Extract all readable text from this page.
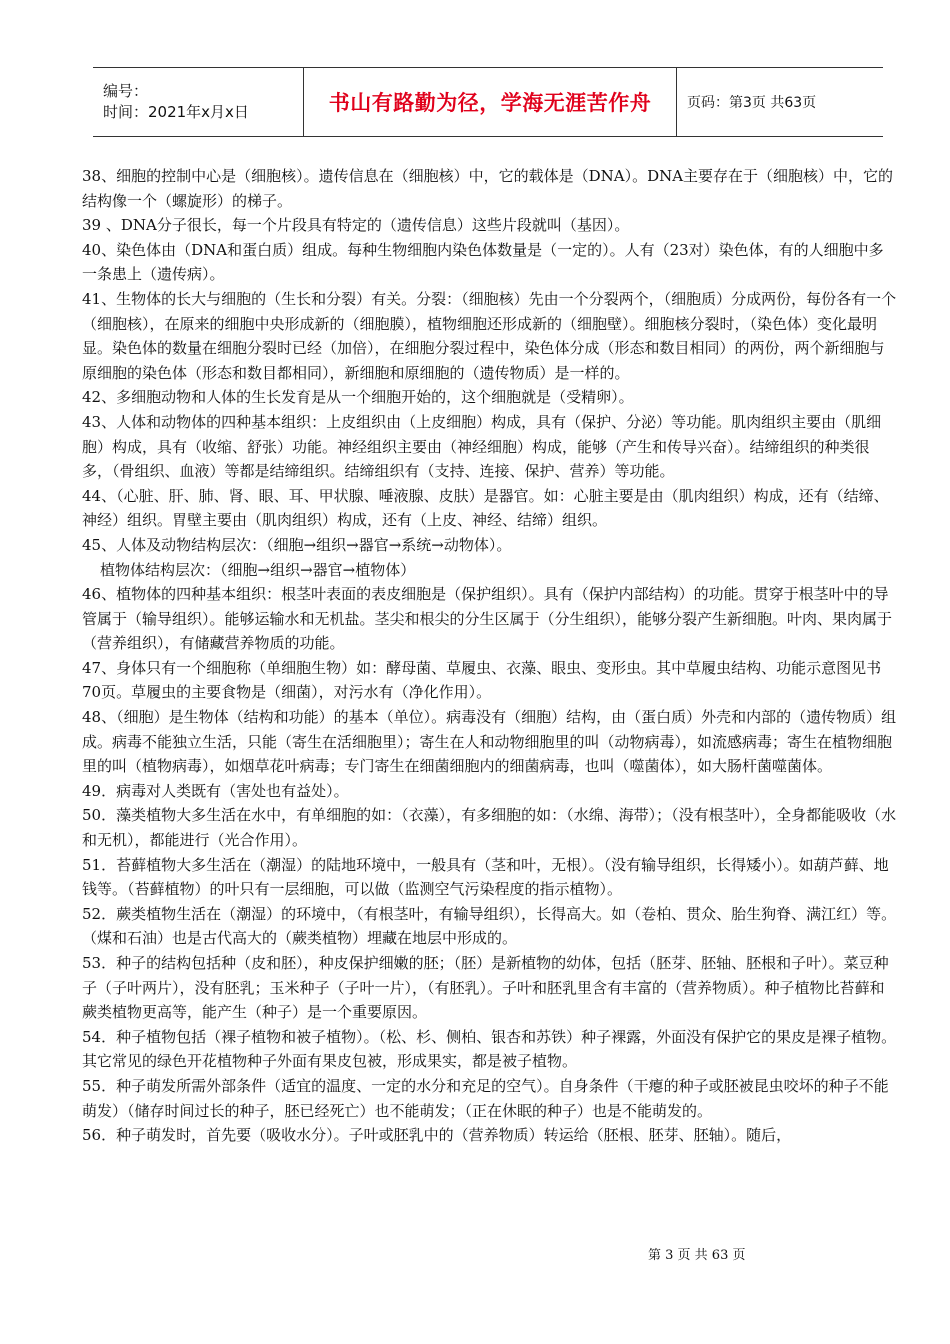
编号：
时间：2021年x月x日	书山有路勤为径，学海无涯苦作舟	页码：第3页 共63页

38、细胞的控制中心是（细胞核）。遗传信息在（细胞核）中，它的载体是（DNA）。DNA主要存在于（细胞核）中，它的结构像一个（螺旋形）的梯子。

39 、DNA分子很长，每一个片段具有特定的（遗传信息）这些片段就叫（基因）。

40、染色体由（DNA和蛋白质）组成。每种生物细胞内染色体数量是（一定的）。人有（23对）染色体，有的人细胞中多一条患上（遗传病）。

41、生物体的长大与细胞的（生长和分裂）有关。分裂：（细胞核）先由一个分裂两个，（细胞质）分成两份，每份各有一个（细胞核），在原来的细胞中央形成新的（细胞膜），植物细胞还形成新的（细胞壁）。细胞核分裂时，（染色体）变化最明显。染色体的数量在细胞分裂时已经（加倍），在细胞分裂过程中，染色体分成（形态和数目相同）的两份，两个新细胞与原细胞的染色体（形态和数目都相同），新细胞和原细胞的（遗传物质）是一样的。

42、多细胞动物和人体的生长发育是从一个细胞开始的，这个细胞就是（受精卵）。

43、人体和动物体的四种基本组织：上皮组织由（上皮细胞）构成，具有（保护、分泌）等功能。肌肉组织主要由（肌细胞）构成，具有（收缩、舒张）功能。神经组织主要由（神经细胞）构成，能够（产生和传导兴奋）。结缔组织的种类很多，（骨组织、血液）等都是结缔组织。结缔组织有（支持、连接、保护、营养）等功能。

44、（心脏、肝、肺、肾、眼、耳、甲状腺、唾液腺、皮肤）是器官。如：心脏主要是由（肌肉组织）构成，还有（结缔、神经）组织。胃壁主要由（肌肉组织）构成，还有（上皮、神经、结缔）组织。

45、人体及动物结构层次：（细胞→组织→器官→系统→动物体）。

植物体结构层次：（细胞→组织→器官→植物体）

46、植物体的四种基本组织：根茎叶表面的表皮细胞是（保护组织）。具有（保护内部结构）的功能。贯穿于根茎叶中的导管属于（输导组织）。能够运输水和无机盐。茎尖和根尖的分生区属于（分生组织），能够分裂产生新细胞。叶肉、果肉属于（营养组织），有储藏营养物质的功能。

47、身体只有一个细胞称（单细胞生物）如：酵母菌、草履虫、衣藻、眼虫、变形虫。其中草履虫结构、功能示意图见书70页。草履虫的主要食物是（细菌），对污水有（净化作用）。

48、（细胞）是生物体（结构和功能）的基本（单位）。病毒没有（细胞）结构，由（蛋白质）外壳和内部的（遗传物质）组成。病毒不能独立生活，只能（寄生在活细胞里）；寄生在人和动物细胞里的叫（动物病毒），如流感病毒；寄生在植物细胞里的叫（植物病毒），如烟草花叶病毒；专门寄生在细菌细胞内的细菌病毒，也叫（噬菌体），如大肠杆菌噬菌体。

49．病毒对人类既有（害处也有益处）。

50．藻类植物大多生活在水中，有单细胞的如：（衣藻），有多细胞的如：（水绵、海带）；（没有根茎叶），全身都能吸收（水和无机），都能进行（光合作用）。

51．苔藓植物大多生活在（潮湿）的陆地环境中，一般具有（茎和叶，无根）。（没有输导组织，长得矮小）。如葫芦藓、地钱等。（苔藓植物）的叶只有一层细胞，可以做（监测空气污染程度的指示植物）。

52．蕨类植物生活在（潮湿）的环境中，（有根茎叶，有输导组织），长得高大。如（卷柏、贯众、胎生狗脊、满江红）等。（煤和石油）也是古代高大的（蕨类植物）埋藏在地层中形成的。

53．种子的结构包括种（皮和胚），种皮保护细嫩的胚；（胚）是新植物的幼体，包括（胚芽、胚轴、胚根和子叶）。菜豆种子（子叶两片），没有胚乳；玉米种子（子叶一片），（有胚乳）。子叶和胚乳里含有丰富的（营养物质）。种子植物比苔藓和蕨类植物更高等，能产生（种子）是一个重要原因。

54．种子植物包括（裸子植物和被子植物）。（松、杉、侧柏、银杏和苏铁）种子裸露，外面没有保护它的果皮是裸子植物。其它常见的绿色开花植物种子外面有果皮包被，形成果实，都是被子植物。

55．种子萌发所需外部条件（适宜的温度、一定的水分和充足的空气）。自身条件（干瘪的种子或胚被昆虫咬坏的种子不能萌发）（储存时间过长的种子，胚已经死亡）也不能萌发；（正在休眠的种子）也是不能萌发的。

56．种子萌发时，首先要（吸收水分）。子叶或胚乳中的（营养物质）转运给（胚根、胚芽、胚轴）。随后，

第 3 页 共 63 页
